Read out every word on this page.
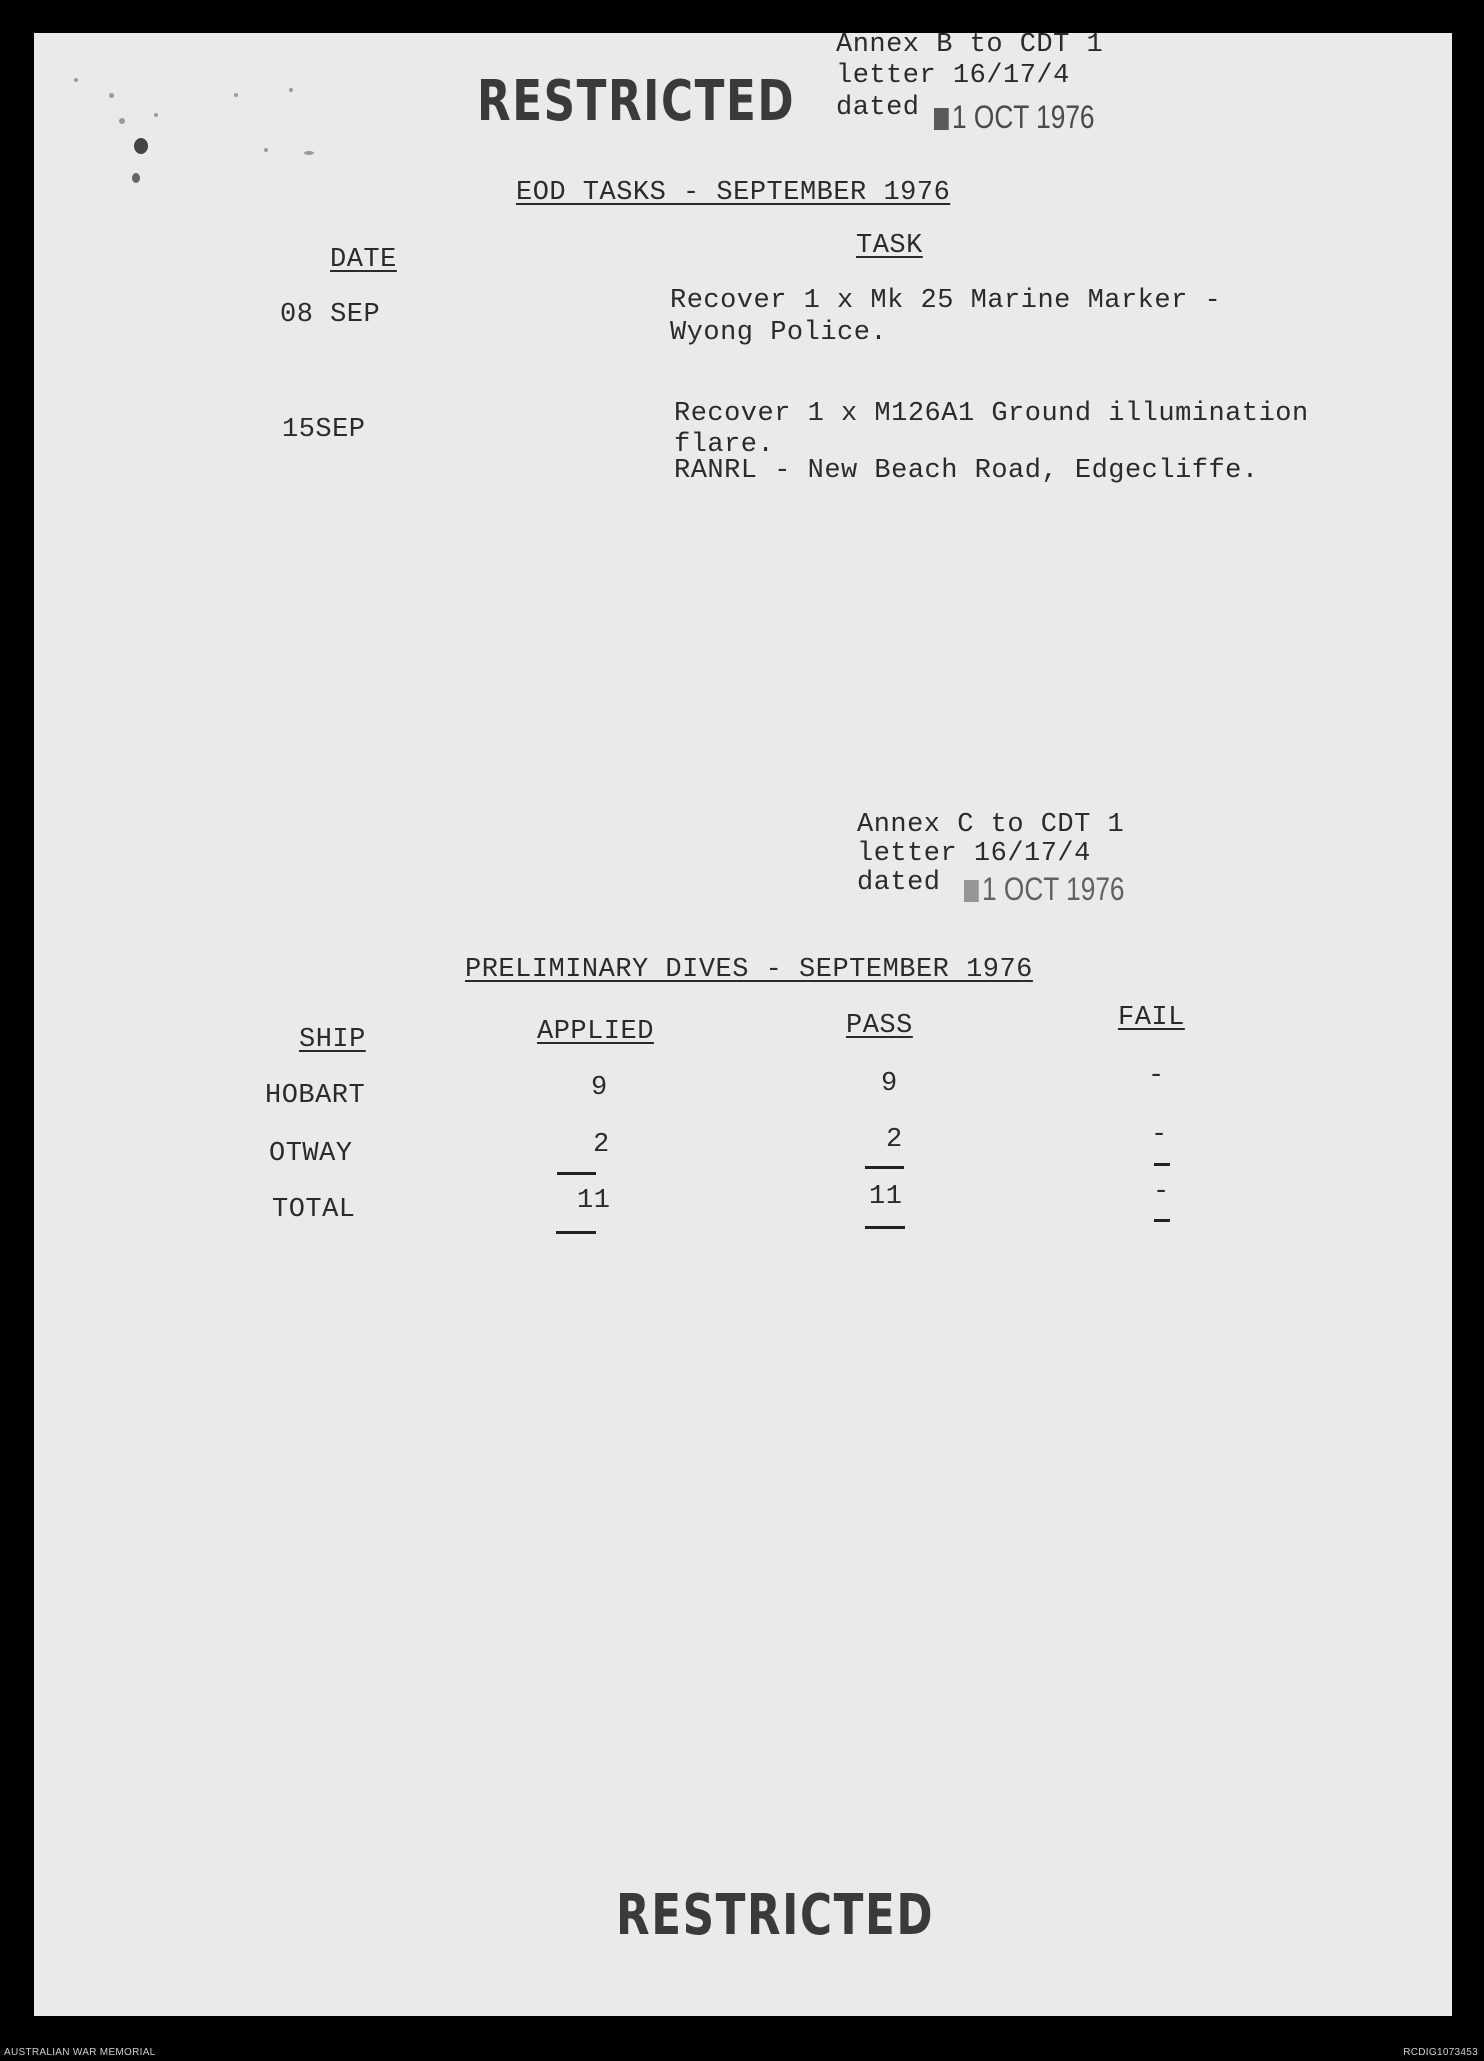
RESTRICTED
Annex B to CDT 1
letter 16/17/4
dated	1 OCT 1976
EOD TASKS - SEPTEMBER 1976
DATE	TASK
08 SEP	Recover 1 x Mk 25 Marine Marker -
Wyong Police.
15SEP
Recover 1 x M126A1 Ground illumination
flare.
RANRL - New Beach Road, Edgecliffe.
Annex C to CDT 1
letter 16/17/4
dated	1 OCT 1976
PRELIMINARY DIVES - SEPTEMBER 1976
SHIP	APPLIED	PASS	FAIL
HOBART	9	9	-
OTWAY	2	2	-
TOTAL	11	11	-
RESTRICTED
AUSTRALIAN WAR MEMORIAL	RCDIG1073453
